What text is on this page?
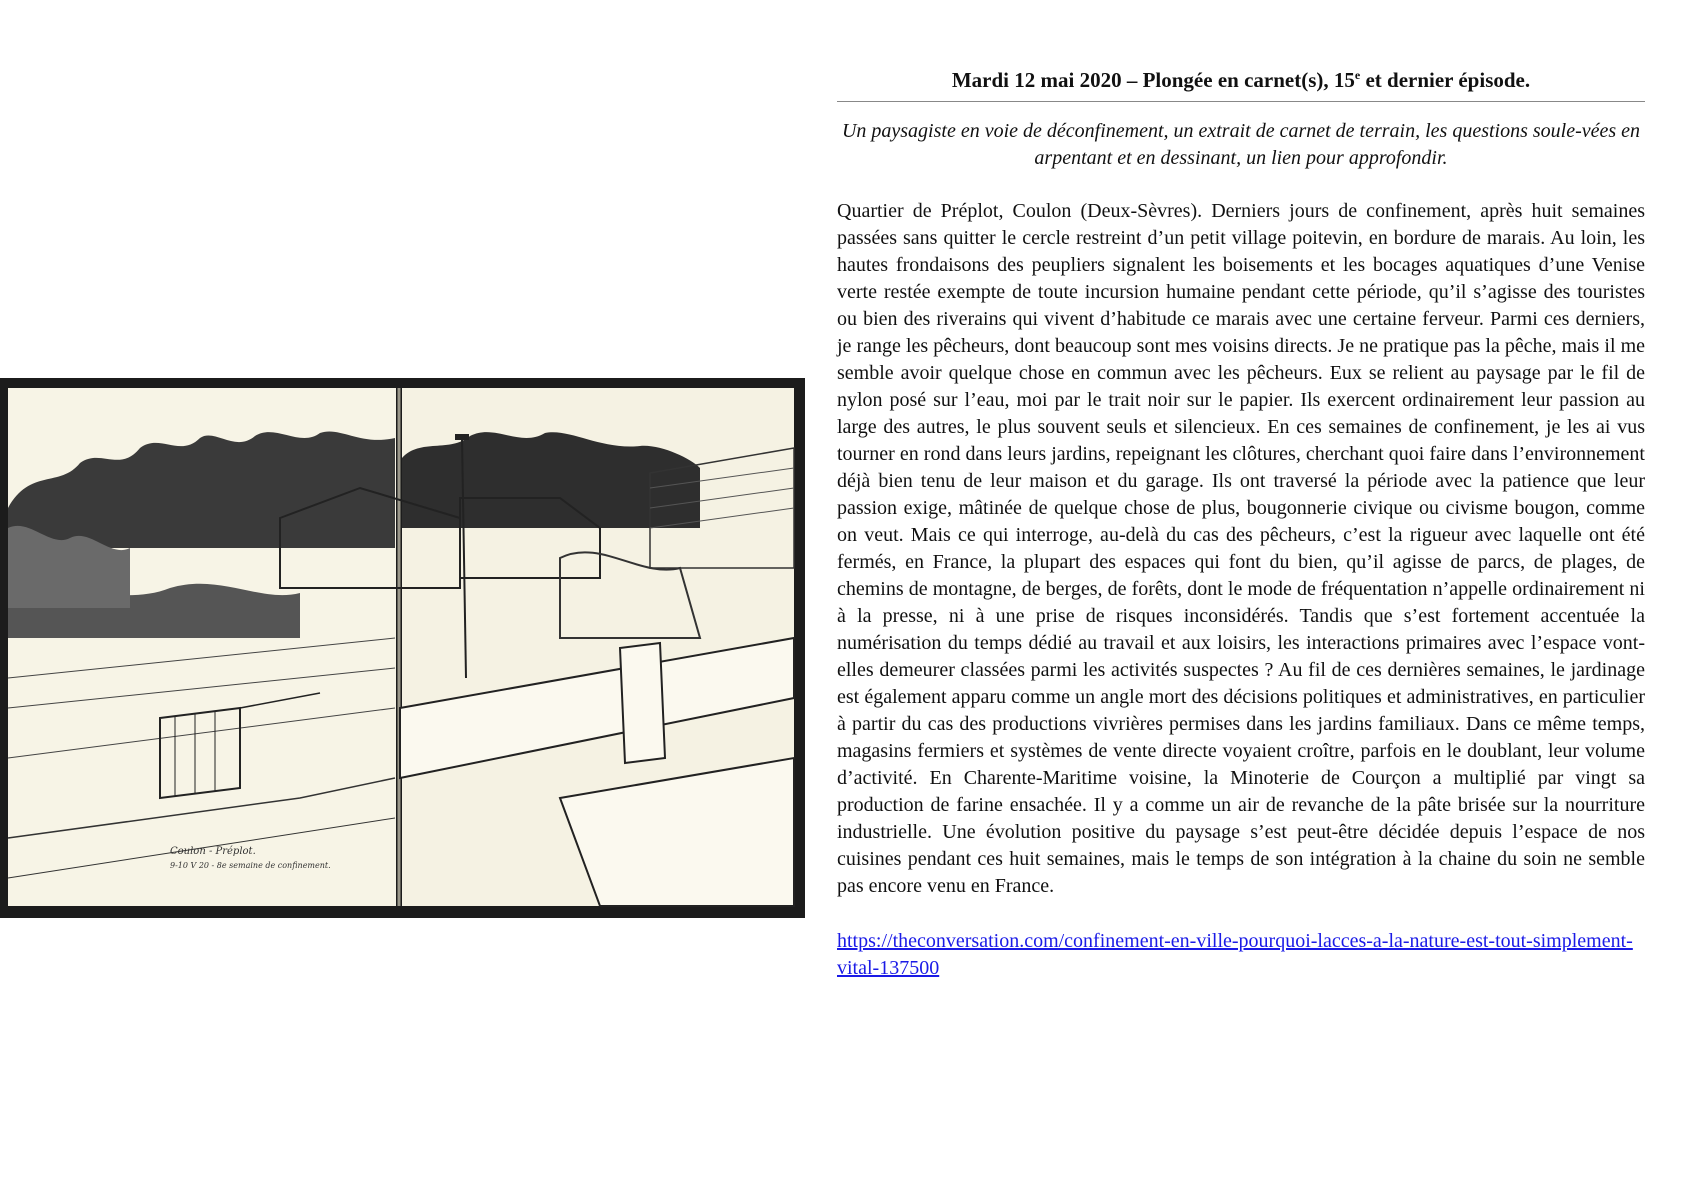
Coulon - Préplot.
9-10 V 20 - 8e semaine de confinement.
Mardi 12 mai 2020 – Plongée en carnet(s), 15e et dernier épisode.
Un paysagiste en voie de déconfinement, un extrait de carnet de terrain, les questions soule-vées en arpentant et en dessinant, un lien pour approfondir.
Quartier de Préplot, Coulon (Deux-Sèvres). Derniers jours de confinement, après huit semaines passées sans quitter le cercle restreint d’un petit village poitevin, en bordure de marais. Au loin, les hautes frondaisons des peupliers signalent les boisements et les bocages aquatiques d’une Venise verte restée exempte de toute incursion humaine pendant cette période, qu’il s’agisse des touristes ou bien des riverains qui vivent d’habitude ce marais avec une certaine ferveur. Parmi ces derniers, je range les pêcheurs, dont beaucoup sont mes voisins directs. Je ne pratique pas la pêche, mais il me semble avoir quelque chose en commun avec les pêcheurs. Eux se relient au paysage par le fil de nylon posé sur l’eau, moi par le trait noir sur le papier. Ils exercent ordinairement leur passion au large des autres, le plus souvent seuls et silencieux. En ces semaines de confinement, je les ai vus tourner en rond dans leurs jardins, repeignant les clôtures, cherchant quoi faire dans l’environnement déjà bien tenu de leur maison et du garage. Ils ont traversé la période avec la patience que leur passion exige, mâtinée de quelque chose de plus, bougonnerie civique ou civisme bougon, comme on veut. Mais ce qui interroge, au-delà du cas des pêcheurs, c’est la rigueur avec laquelle ont été fermés, en France, la plupart des espaces qui font du bien, qu’il agisse de parcs, de plages, de chemins de montagne, de berges, de forêts, dont le mode de fréquentation n’appelle ordinairement ni à la presse, ni à une prise de risques inconsidérés. Tandis que s’est fortement accentuée la numérisation du temps dédié au travail et aux loisirs, les interactions primaires avec l’espace vont-elles demeurer classées parmi les activités suspectes ? Au fil de ces dernières semaines, le jardinage est également apparu comme un angle mort des décisions politiques et administratives, en particulier à partir du cas des productions vivrières permises dans les jardins familiaux. Dans ce même temps, magasins fermiers et systèmes de vente directe voyaient croître, parfois en le doublant, leur volume d’activité. En Charente-Maritime voisine, la Minoterie de Courçon a multiplié par vingt sa production de farine ensachée. Il y a comme un air de revanche de la pâte brisée sur la nourriture industrielle. Une évolution positive du paysage s’est peut-être décidée depuis l’espace de nos cuisines pendant ces huit semaines, mais le temps de son intégration à la chaine du soin ne semble pas encore venu en France.
https://theconversation.com/confinement-en-ville-pourquoi-lacces-a-la-nature-est-tout-simplement-vital-137500
